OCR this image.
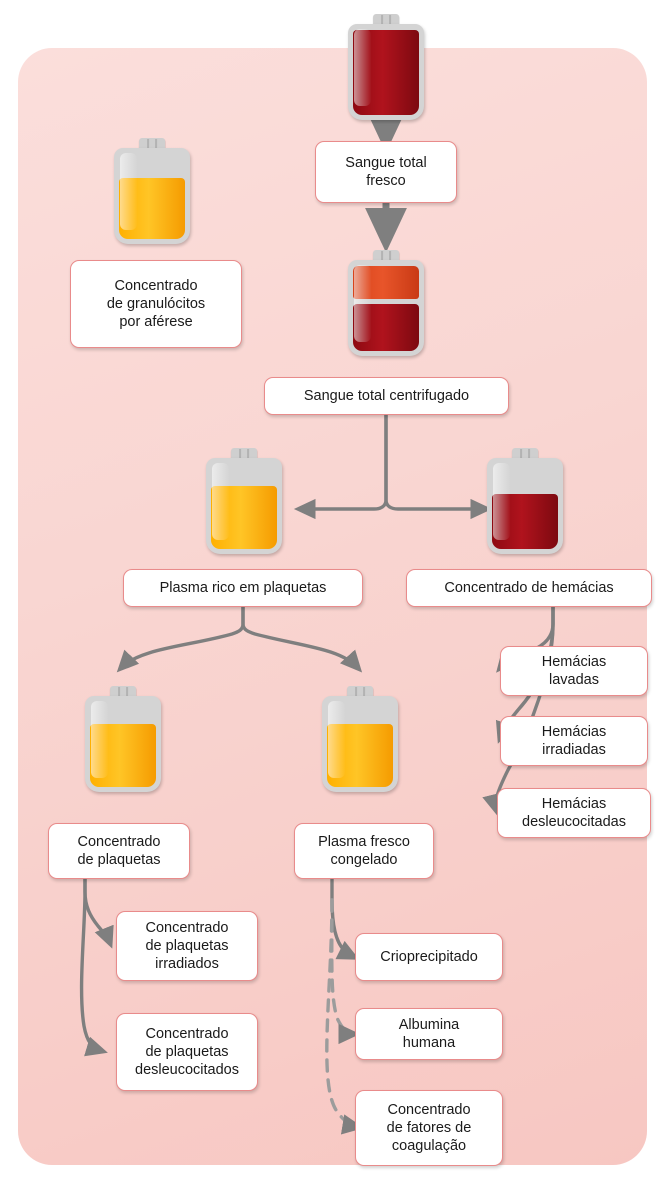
Sangue total
fresco
Concentrado
de granulócitos
por aférese
Sangue total centrifugado
Plasma rico em plaquetas	Concentrado de hemácias
Hemácias
lavadas
Hemácias
irradiadas
Hemácias
desleucocitadas
Concentrado
de plaquetas
Concentrado
de plaquetas
irradiados
Concentrado
de plaquetas
desleucocitados
Plasma fresco
congelado
Crioprecipitado
Albumina
humana
Concentrado
de fatores de
coagulação
